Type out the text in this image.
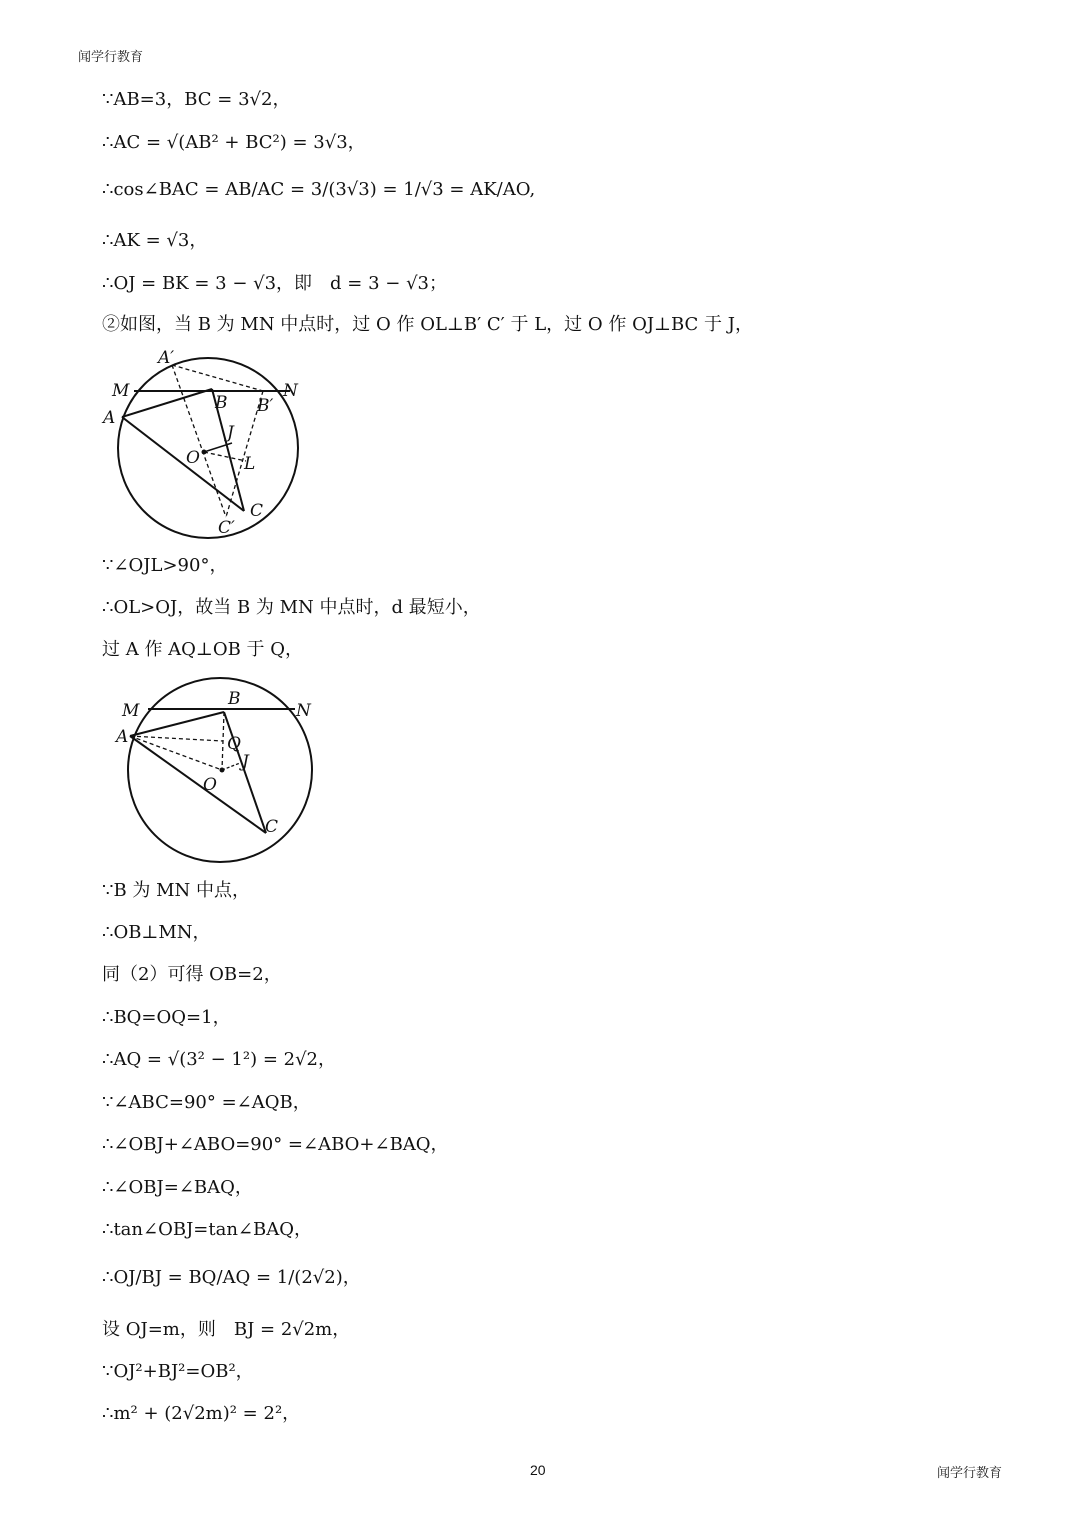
闻学行教育
∵AB=3，BC = 3√2，
∴AC = √(AB² + BC²) = 3√3，
∴cos∠BAC = AB/AC = 3/(3√3) = 1/√3 = AK/AO,
∴AK = √3，
∴OJ = BK = 3 − √3，即　d = 3 − √3；
②如图，当 B 为 MN 中点时，过 O 作 OL⊥B′ C′ 于 L，过 O 作 OJ⊥BC 于 J，
A′
M	N
A
B B′
J
O	L
C
C′
∵∠OJL>90°，
∴OL>OJ，故当 B 为 MN 中点时，d 最短小，
过 A 作 AQ⊥OB 于 Q，
B
M	N
A	Q
J
O
C
∵B 为 MN 中点，
∴OB⊥MN，
同（2）可得 OB=2，
∴BQ=OQ=1，
∴AQ = √(3² − 1²) = 2√2，
∵∠ABC=90° =∠AQB，
∴∠OBJ+∠ABO=90° =∠ABO+∠BAQ，
∴∠OBJ=∠BAQ，
∴tan∠OBJ=tan∠BAQ，
∴OJ/BJ = BQ/AQ = 1/(2√2)，
设 OJ=m，则　BJ = 2√2m，
∵OJ²+BJ²=OB²，
∴m² + (2√2m)² = 2²，
20	闻学行教育
